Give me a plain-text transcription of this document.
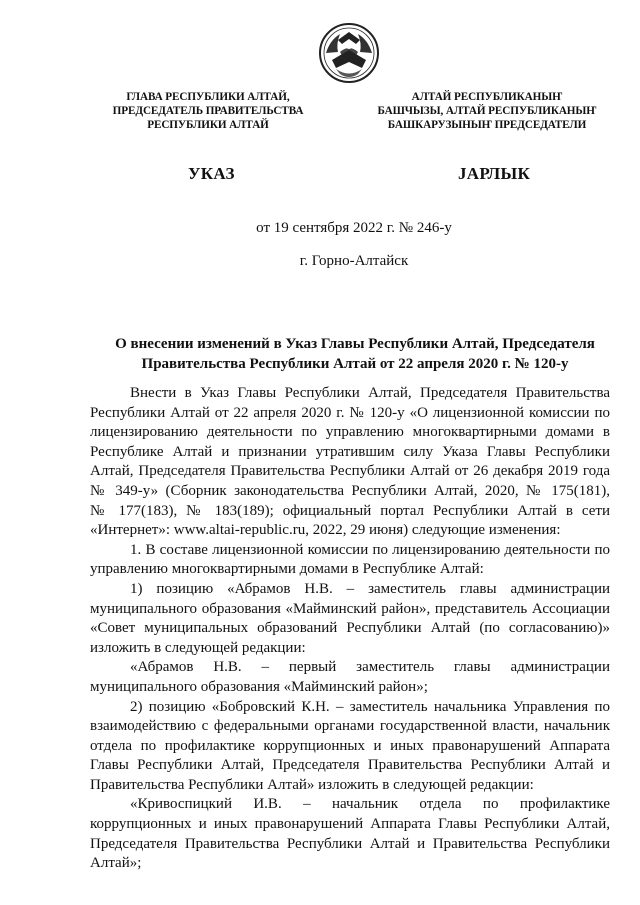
ГЛАВА РЕСПУБЛИКИ АЛТАЙ,
ПРЕДСЕДАТЕЛЬ ПРАВИТЕЛЬСТВА
РЕСПУБЛИКИ АЛТАЙ
АЛТАЙ РЕСПУБЛИКАНЫҤ
БАШЧЫЗЫ, АЛТАЙ РЕСПУБЛИКАНЫҤ
БАШКАРУЗЫНЫҤ ПРЕДСЕДАТЕЛИ
УКАЗ	JАРЛЫК
от 19 сентября 2022 г. № 246-у
г. Горно-Алтайск
О внесении изменений в Указ Главы Республики Алтай, Председателя
Правительства Республики Алтай от 22 апреля 2020 г. № 120-у
Внести в Указ Главы Республики Алтай, Председателя Правительства
Республики Алтай от 22 апреля 2020 г. № 120-у «О лицензионной комиссии по
лицензированию деятельности по управлению многоквартирными домами в
Республике Алтай и признании утратившим силу Указа Главы Республики
Алтай, Председателя Правительства Республики Алтай от 26 декабря 2019 года
№ 349-у» (Сборник законодательства Республики Алтай, 2020, № 175(181),
№ 177(183), № 183(189); официальный портал Республики Алтай в сети
«Интернет»: www.altai-republic.ru, 2022, 29 июня) следующие изменения:
1. В составе лицензионной комиссии по лицензированию деятельности по
управлению многоквартирными домами в Республике Алтай:
1) позицию «Абрамов Н.В. – заместитель главы администрации
муниципального образования «Майминский район», представитель Ассоциации
«Совет муниципальных образований Республики Алтай (по согласованию)»
изложить в следующей редакции:
«Абрамов Н.В. – первый заместитель главы администрации
муниципального образования «Майминский район»;
2) позицию «Бобровский К.Н. – заместитель начальника Управления по
взаимодействию с федеральными органами государственной власти, начальник
отдела по профилактике коррупционных и иных правонарушений Аппарата
Главы Республики Алтай, Председателя Правительства Республики Алтай и
Правительства Республики Алтай» изложить в следующей редакции:
«Кривоспицкий И.В. – начальник отдела по профилактике
коррупционных и иных правонарушений Аппарата Главы Республики Алтай,
Председателя Правительства Республики Алтай и Правительства Республики
Алтай»;
